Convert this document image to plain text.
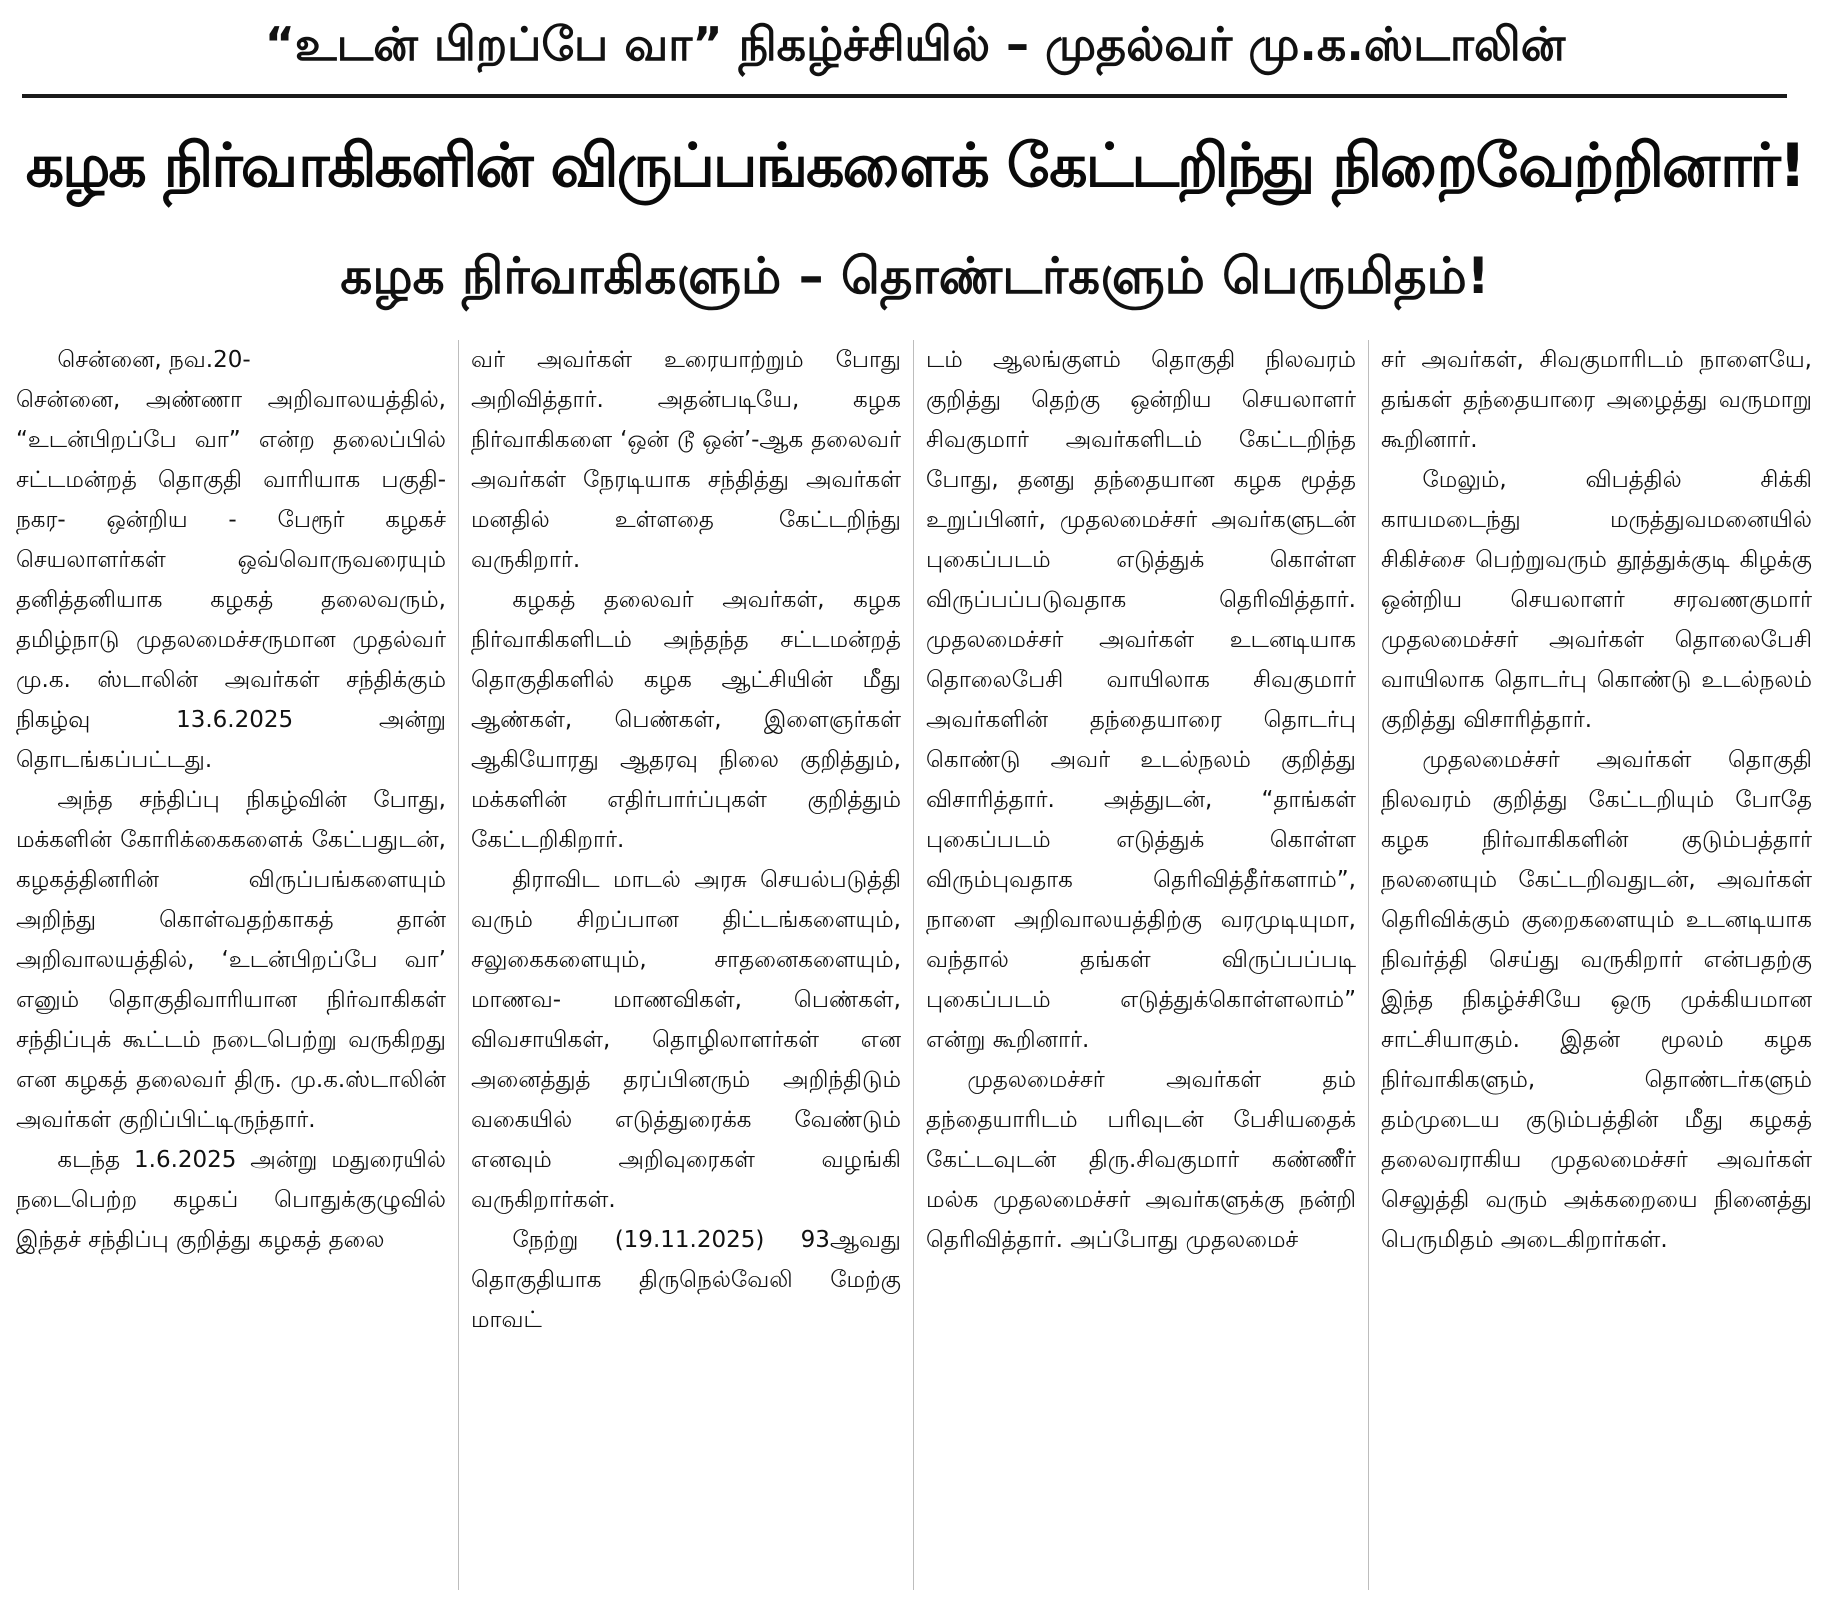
“உடன் பிறப்பே வா” நிகழ்ச்சியில் – முதல்வர் மு.க.ஸ்டாலின்
கழக நிர்வாகிகளின் விருப்பங்களைக் கேட்டறிந்து நிறைவேற்றினார்!
கழக நிர்வாகிகளும் – தொண்டர்களும் பெருமிதம்!

சென்னை, நவ.20-

சென்னை, அண்ணா அறிவாலயத்தில், “உடன்பிறப்பே வா” என்ற தலைப்பில் சட்டமன்றத் தொகுதி வாரியாக பகுதி- நகர- ஒன்றிய - பேரூர் கழகச் செயலாளர்கள் ஒவ்வொருவரையும் தனித்தனியாக கழகத் தலைவரும், தமிழ்நாடு முதலமைச்சருமான முதல்வர் மு.க. ஸ்டாலின் அவர்கள் சந்திக்கும் நிகழ்வு 13.6.2025 அன்று தொடங்கப்பட்டது.

அந்த சந்திப்பு நிகழ்வின் போது, மக்களின் கோரிக்கைகளைக் கேட்பதுடன், கழகத்தினரின் விருப்பங்களையும் அறிந்து கொள்வதற்காகத் தான் அறிவாலயத்தில், ‘உடன்பிறப்பே வா’ எனும் தொகுதிவாரியான நிர்வாகிகள் சந்திப்புக் கூட்டம் நடைபெற்று வருகிறது என கழகத் தலைவர் திரு. மு.க.ஸ்டாலின் அவர்கள் குறிப்பிட்டிருந்தார்.

கடந்த 1.6.2025 அன்று மதுரையில் நடைபெற்ற கழகப் பொதுக்குழுவில் இந்தச் சந்திப்பு குறித்து கழகத் தலை

வர் அவர்கள் உரையாற்றும் போது அறிவித்தார். அதன்படியே, கழக நிர்வாகிகளை ‘ஒன் டூ ஒன்’-ஆக தலைவர் அவர்கள் நேரடியாக சந்தித்து அவர்கள் மனதில் உள்ளதை கேட்டறிந்து வருகிறார்.

கழகத் தலைவர் அவர்கள், கழக நிர்வாகிகளிடம் அந்தந்த சட்டமன்றத் தொகுதிகளில் கழக ஆட்சியின் மீது ஆண்கள், பெண்கள், இளைஞர்கள் ஆகியோரது ஆதரவு நிலை குறித்தும், மக்களின் எதிர்பார்ப்புகள் குறித்தும் கேட்டறிகிறார்.

திராவிட மாடல் அரசு செயல்படுத்தி வரும் சிறப்பான திட்டங்களையும், சலுகைகளையும், சாதனைகளையும், மாணவ- மாணவிகள், பெண்கள், விவசாயிகள், தொழிலாளர்கள் என அனைத்துத் தரப்பினரும் அறிந்திடும் வகையில் எடுத்துரைக்க வேண்டும் எனவும் அறிவுரைகள் வழங்கி வருகிறார்கள்.

நேற்று (19.11.2025) 93ஆவது தொகுதியாக திருநெல்வேலி மேற்கு மாவட்

டம் ஆலங்குளம் தொகுதி நிலவரம் குறித்து தெற்கு ஒன்றிய செயலாளர் சிவகுமார் அவர்களிடம் கேட்டறிந்த போது, தனது தந்தையான கழக மூத்த உறுப்பினர், முதலமைச்சர் அவர்களுடன் புகைப்படம் எடுத்துக் கொள்ள விருப்பப்படுவதாக தெரிவித்தார். முதலமைச்சர் அவர்கள் உடனடியாக தொலைபேசி வாயிலாக சிவகுமார் அவர்களின் தந்தையாரை தொடர்பு கொண்டு அவர் உடல்நலம் குறித்து விசாரித்தார். அத்துடன், “தாங்கள் புகைப்படம் எடுத்துக் கொள்ள விரும்புவதாக தெரிவித்தீர்களாம்”, நாளை அறிவாலயத்திற்கு வரமுடியுமா, வந்தால் தங்கள் விருப்பப்படி புகைப்படம் எடுத்துக்கொள்ளலாம்” என்று கூறினார்.

முதலமைச்சர் அவர்கள் தம் தந்தையாரிடம் பரிவுடன் பேசியதைக் கேட்டவுடன் திரு.சிவகுமார் கண்ணீர் மல்க முதலமைச்சர் அவர்களுக்கு நன்றி தெரிவித்தார். அப்போது முதலமைச்

சர் அவர்கள், சிவகுமாரிடம் நாளையே, தங்கள் தந்தையாரை அழைத்து வருமாறு கூறினார்.

மேலும், விபத்தில் சிக்கி காயமடைந்து மருத்துவமனையில் சிகிச்சை பெற்றுவரும் தூத்துக்குடி கிழக்கு ஒன்றிய செயலாளர் சரவணகுமார் முதலமைச்சர் அவர்கள் தொலைபேசி வாயிலாக தொடர்பு கொண்டு உடல்நலம் குறித்து விசாரித்தார்.

முதலமைச்சர் அவர்கள் தொகுதி நிலவரம் குறித்து கேட்டறியும் போதே கழக நிர்வாகிகளின் குடும்பத்தார் நலனையும் கேட்டறிவதுடன், அவர்கள் தெரிவிக்கும் குறைகளையும் உடனடியாக நிவர்த்தி செய்து வருகிறார் என்பதற்கு இந்த நிகழ்ச்சியே ஒரு முக்கியமான சாட்சியாகும். இதன் மூலம் கழக நிர்வாகிகளும், தொண்டர்களும் தம்முடைய குடும்பத்தின் மீது கழகத் தலைவராகிய முதலமைச்சர் அவர்கள் செலுத்தி வரும் அக்கறையை நினைத்து பெருமிதம் அடைகிறார்கள்.
